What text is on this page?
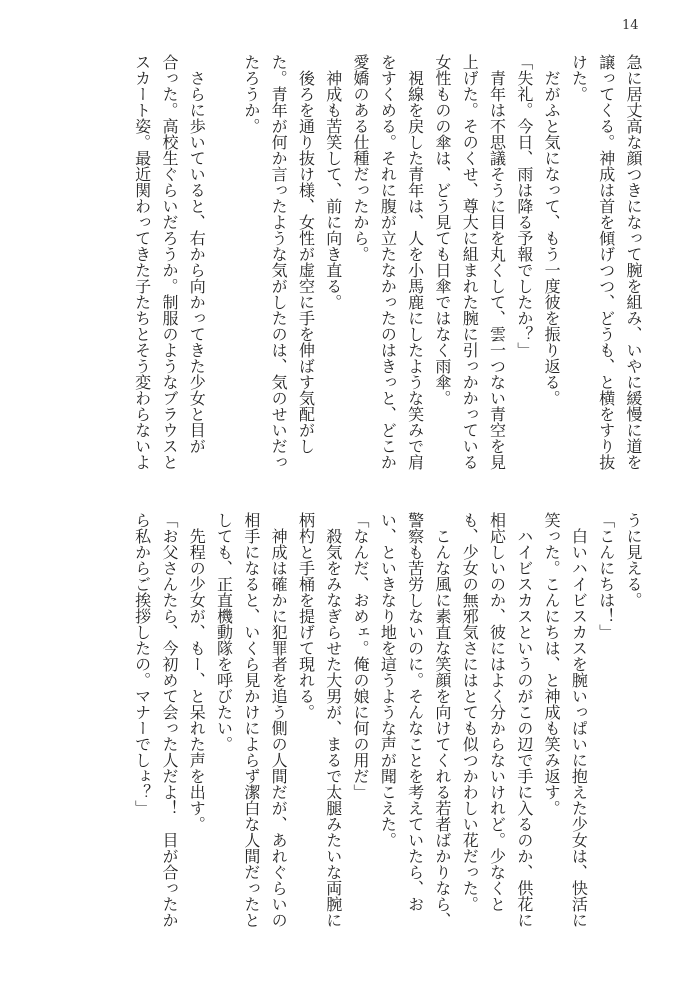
14
急に居丈高な顔つきになって腕を組み、いやに緩慢に道を
譲ってくる。神成は首を傾げつつ、どうも、と横をすり抜
けた。
　だがふと気になって、もう一度彼を振り返る。
「失礼。今日、雨は降る予報でしたか？」
　青年は不思議そうに目を丸くして、雲一つない青空を見
上げた。そのくせ、尊大に組まれた腕に引っかかっている
女性ものの傘は、どう見ても日傘ではなく雨傘。
　視線を戻した青年は、人を小馬鹿にしたような笑みで肩
をすくめる。それに腹が立たなかったのはきっと、どこか
愛嬌のある仕種だったから。
　神成も苦笑して、前に向き直る。
　後ろを通り抜け様、女性が虚空に手を伸ばす気配がし
た。青年が何か言ったような気がしたのは、気のせいだっ
たろうか。
　さらに歩いていると、右から向かってきた少女と目が
合った。高校生ぐらいだろうか。制服のようなブラウスと
スカート姿。最近関わってきた子たちとそう変わらないよ
うに見える。
「こんにちは！」
　白いハイビスカスを腕いっぱいに抱えた少女は、快活に
笑った。こんにちは、と神成も笑み返す。
　ハイビスカスというのがこの辺で手に入るのか、供花に
相応しいのか、彼にはよく分からないけれど。少なくと
も、少女の無邪気さにはとても似つかわしい花だった。
　こんな風に素直な笑顔を向けてくれる若者ばかりなら、
警察も苦労しないのに。そんなことを考えていたら、お
い、といきなり地を這うような声が聞こえた。
「なんだ、おめェ。俺の娘に何の用だ」
　殺気をみなぎらせた大男が、まるで太腿みたいな両腕に
柄杓と手桶を提げて現れる。
　神成は確かに犯罪者を追う側の人間だが、あれぐらいの
相手になると、いくら見かけによらず潔白な人間だったと
しても、正直機動隊を呼びたい。
　先程の少女が、もー、と呆れた声を出す。
「お父さんたら、今初めて会った人だよ！　目が合ったか
ら私からご挨拶したの。マナーでしょ？」
